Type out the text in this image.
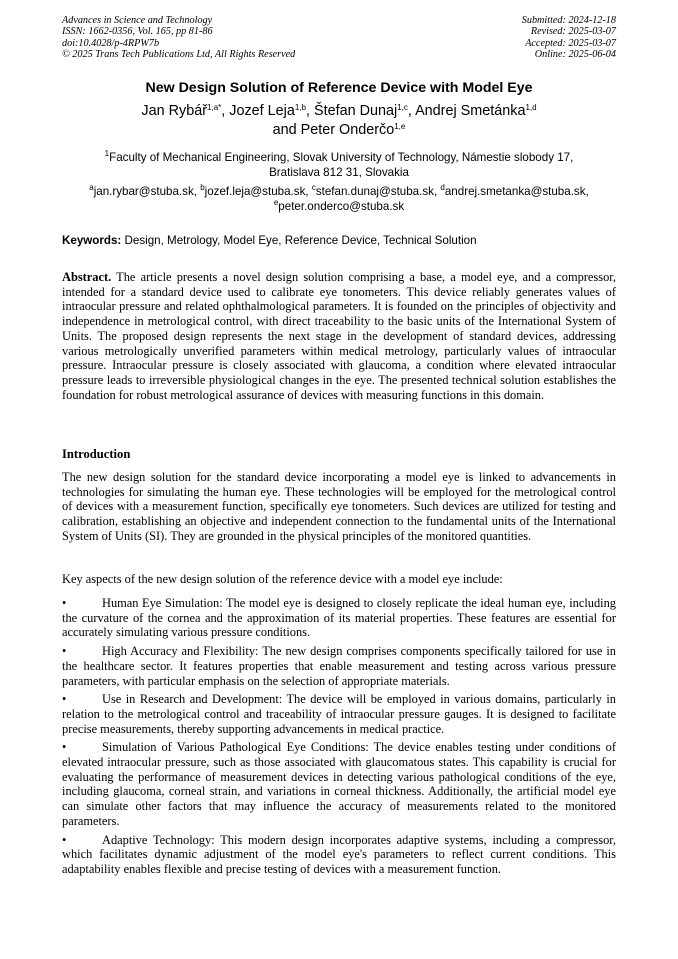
Advances in Science and Technology
ISSN: 1662-0356, Vol. 165, pp 81-86
doi:10.4028/p-4RPW7b
© 2025 Trans Tech Publications Ltd, All Rights Reserved
Submitted: 2024-12-18
Revised: 2025-03-07
Accepted: 2025-03-07
Online: 2025-06-04
New Design Solution of Reference Device with Model Eye
Jan Rybář$^{1,a*}$, Jozef Leja$^{1,b}$, Štefan Dunaj$^{1,c}$, Andrej Smetánka$^{1,d}$
and Peter Onderčo$^{1,e}$
$^1$Faculty of Mechanical Engineering, Slovak University of Technology, Námestie slobody 17,
Bratislava 812 31, Slovakia
$^a$jan.rybar@stuba.sk, $^b$jozef.leja@stuba.sk, $^c$stefan.dunaj@stuba.sk, $^d$andrej.smetanka@stuba.sk,
$^e$peter.onderco@stuba.sk
Keywords: Design, Metrology, Model Eye, Reference Device, Technical Solution
Abstract. The article presents a novel design solution comprising a base, a model eye, and a compressor, intended for a standard device used to calibrate eye tonometers. This device reliably generates values of intraocular pressure and related ophthalmological parameters. It is founded on the principles of objectivity and independence in metrological control, with direct traceability to the basic units of the International System of Units. The proposed design represents the next stage in the development of standard devices, addressing various metrologically unverified parameters within medical metrology, particularly values of intraocular pressure. Intraocular pressure is closely associated with glaucoma, a condition where elevated intraocular pressure leads to irreversible physiological changes in the eye. The presented technical solution establishes the foundation for robust metrological assurance of devices with measuring functions in this domain.
Introduction

The new design solution for the standard device incorporating a model eye is linked to advancements in technologies for simulating the human eye. These technologies will be employed for the metrological control of devices with a measurement function, specifically eye tonometers. Such devices are utilized for testing and calibration, establishing an objective and independent connection to the fundamental units of the International System of Units (SI). They are grounded in the physical principles of the monitored quantities.

Key aspects of the new design solution of the reference device with a model eye include:

•	Human Eye Simulation: The model eye is designed to closely replicate the ideal human eye, including the curvature of the cornea and the approximation of its material properties. These features are essential for accurately simulating various pressure conditions.

•	High Accuracy and Flexibility: The new design comprises components specifically tailored for use in the healthcare sector. It features properties that enable measurement and testing across various pressure parameters, with particular emphasis on the selection of appropriate materials.

•	Use in Research and Development: The device will be employed in various domains, particularly in relation to the metrological control and traceability of intraocular pressure gauges. It is designed to facilitate precise measurements, thereby supporting advancements in medical practice.

•	Simulation of Various Pathological Eye Conditions: The device enables testing under conditions of elevated intraocular pressure, such as those associated with glaucomatous states. This capability is crucial for evaluating the performance of measurement devices in detecting various pathological conditions of the eye, including glaucoma, corneal strain, and variations in corneal thickness. Additionally, the artificial model eye can simulate other factors that may influence the accuracy of measurements related to the monitored parameters.

•	Adaptive Technology: This modern design incorporates adaptive systems, including a compressor, which facilitates dynamic adjustment of the model eye's parameters to reflect current conditions. This adaptability enables flexible and precise testing of devices with a measurement function.
